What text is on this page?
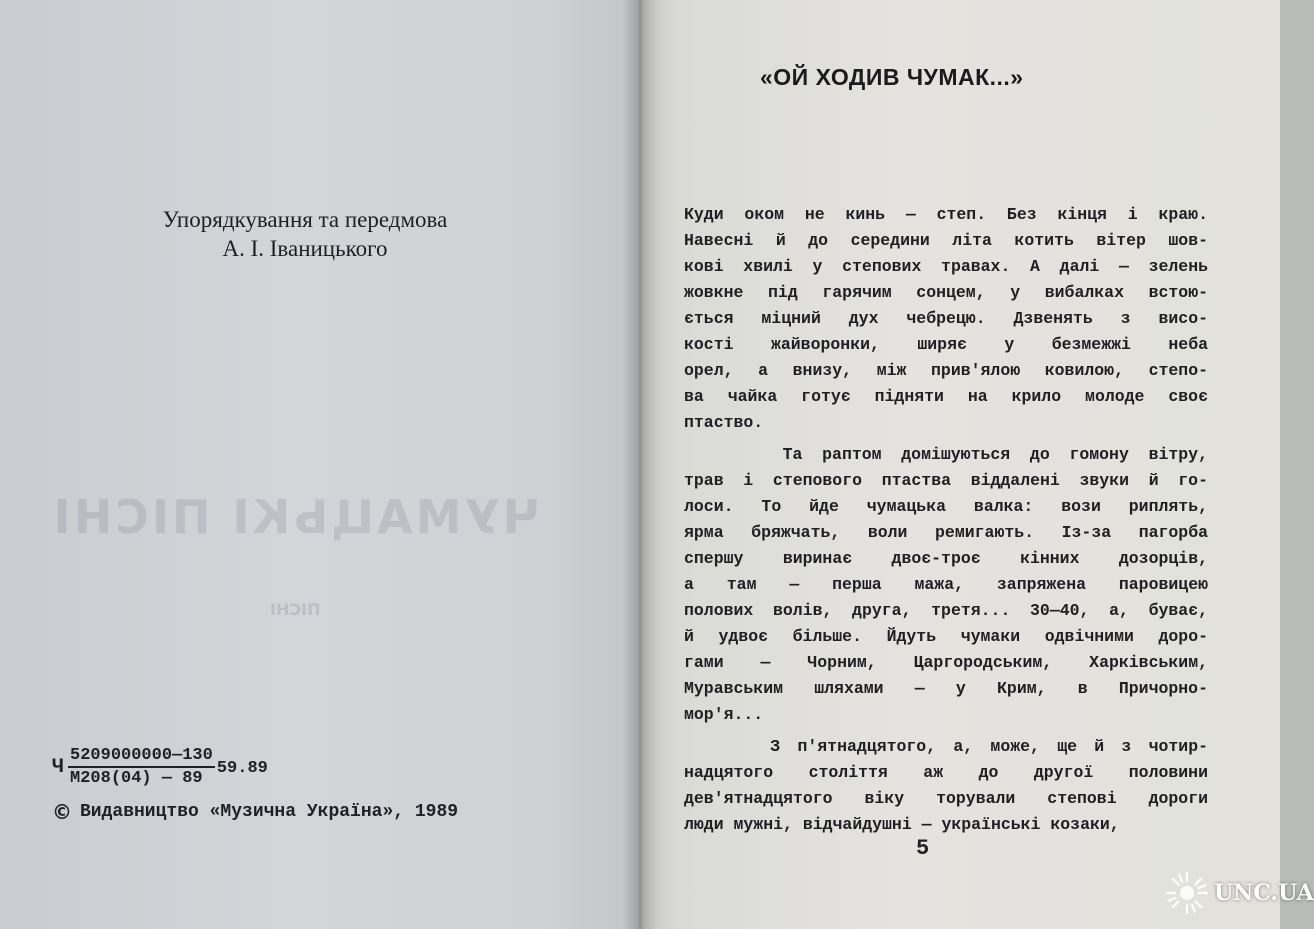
ЧУМАЦЬКІ ПІСНІ
ПІСНІ
Упорядкування та передмова
А. І. Іваницького
Ч $\frac{5209000000—130}{М208(04) — 89} 59.89$
© Видавництво «Музична Україна», 1989
«ОЙ ХОДИВ ЧУМАК...»
Куди оком не кинь — степ. Без кінця і краю.
Навесні й до середини літа котить вітер шов-
кові хвилі у степових травах. А далі — зелень
жовкне під гарячим сонцем, у вибалках встою-
ється міцний дух чебрецю. Дзвенять з висо-
кості жайворонки, ширяє у безмежжі неба
орел, а внизу, між прив'ялою ковилою, степо-
ва чайка готує підняти на крило молоде своє
птаство.
Та раптом домішуються до гомону вітру,
трав і степового птаства віддалені звуки й го-
лоси. То йде чумацька валка: вози риплять,
ярма бряжчать, воли ремигають. Із-за пагорба
спершу виринає двоє-троє кінних дозорців,
а там — перша мажа, запряжена паровицею
полових волів, друга, третя... 30—40, а, буває,
й удвоє більше. Йдуть чумаки одвічними доро-
гами — Чорним, Царгородським, Харківським,
Муравським шляхами — у Крим, в Причорно-
мор'я...
З п'ятнадцятого, а, може, ще й з чотир-
надцятого століття аж до другої половини
дев'ятнадцятого віку торували степові дороги
люди мужні, відчайдушні — українські козаки,
5
UNC.UA
